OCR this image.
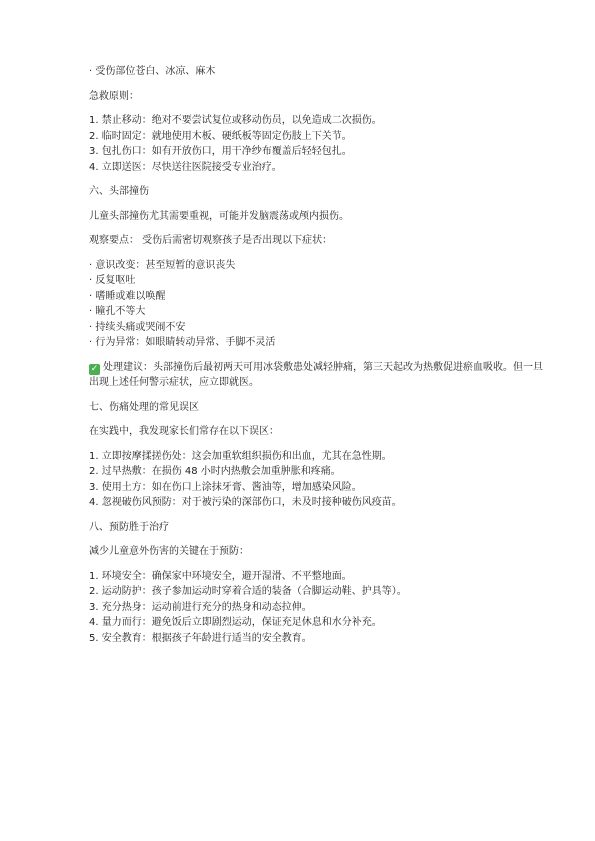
· 受伤部位苍白、冰凉、麻木
急救原则：
1. 禁止移动：绝对不要尝试复位或移动伤员，以免造成二次损伤。
2. 临时固定：就地使用木板、硬纸板等固定伤肢上下关节。
3. 包扎伤口：如有开放伤口，用干净纱布覆盖后轻轻包扎。
4. 立即送医：尽快送往医院接受专业治疗。
六、头部撞伤
儿童头部撞伤尤其需要重视，可能并发脑震荡或颅内损伤。
观察要点： 受伤后需密切观察孩子是否出现以下症状：
· 意识改变：甚至短暂的意识丧失
· 反复呕吐
· 嗜睡或难以唤醒
· 瞳孔不等大
· 持续头痛或哭闹不安
· 行为异常：如眼睛转动异常、手脚不灵活
✓ 处理建议：头部撞伤后最初两天可用冰袋敷患处减轻肿痛，第三天起改为热敷促进瘀血吸收。但一旦出现上述任何警示症状，应立即就医。
七、伤痛处理的常见误区
在实践中，我发现家长们常存在以下误区：
1. 立即按摩揉搓伤处：这会加重软组织损伤和出血，尤其在急性期。
2. 过早热敷：在损伤 48 小时内热敷会加重肿胀和疼痛。
3. 使用土方：如在伤口上涂抹牙膏、酱油等，增加感染风险。
4. 忽视破伤风预防：对于被污染的深部伤口，未及时接种破伤风疫苗。
八、预防胜于治疗
减少儿童意外伤害的关键在于预防：
1. 环境安全：确保家中环境安全，避开湿滑、不平整地面。
2. 运动防护：孩子参加运动时穿着合适的装备（合脚运动鞋、护具等）。
3. 充分热身：运动前进行充分的热身和动态拉伸。
4. 量力而行：避免饭后立即剧烈运动，保证充足休息和水分补充。
5. 安全教育：根据孩子年龄进行适当的安全教育。
